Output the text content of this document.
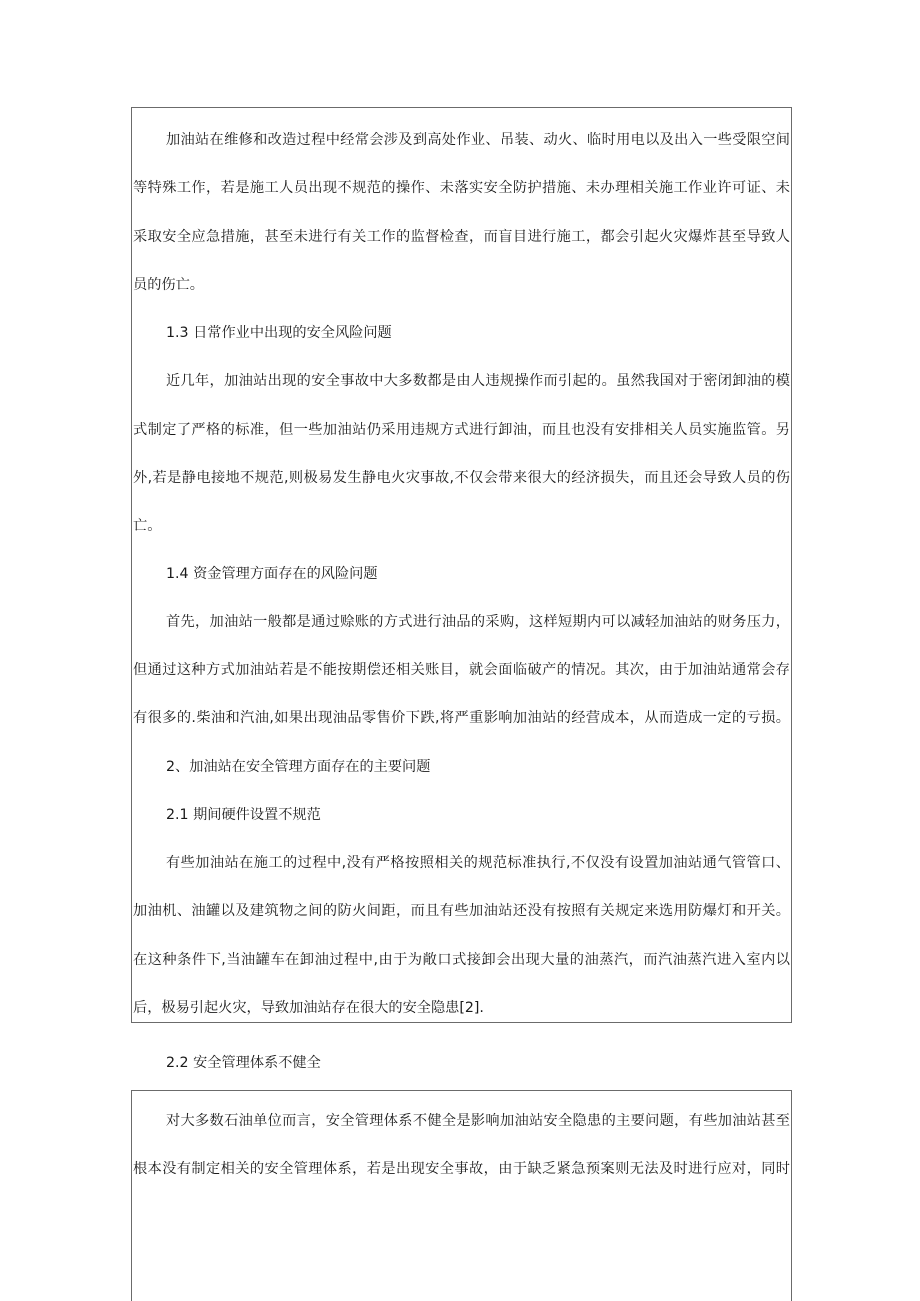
加油站在维修和改造过程中经常会涉及到高处作业、吊装、动火、临时用电以及出入一些受限空间
等特殊工作，若是施工人员出现不规范的操作、未落实安全防护措施、未办理相关施工作业许可证、未
采取安全应急措施，甚至未进行有关工作的监督检查，而盲目进行施工，都会引起火灾爆炸甚至导致人
员的伤亡。
1.3 日常作业中出现的安全风险问题
近几年，加油站出现的安全事故中大多数都是由人违规操作而引起的。虽然我国对于密闭卸油的模
式制定了严格的标准，但一些加油站仍采用违规方式进行卸油，而且也没有安排相关人员实施监管。另
外,若是静电接地不规范,则极易发生静电火灾事故,不仅会带来很大的经济损失，而且还会导致人员的伤
亡。
1.4 资金管理方面存在的风险问题
首先，加油站一般都是通过赊账的方式进行油品的采购，这样短期内可以减轻加油站的财务压力，
但通过这种方式加油站若是不能按期偿还相关账目，就会面临破产的情况。其次，由于加油站通常会存
有很多的.柴油和汽油,如果出现油品零售价下跌,将严重影响加油站的经营成本，从而造成一定的亏损。
2、加油站在安全管理方面存在的主要问题
2.1 期间硬件设置不规范
有些加油站在施工的过程中,没有严格按照相关的规范标准执行,不仅没有设置加油站通气管管口、
加油机、油罐以及建筑物之间的防火间距，而且有些加油站还没有按照有关规定来选用防爆灯和开关。
在这种条件下,当油罐车在卸油过程中,由于为敞口式接卸会出现大量的油蒸汽，而汽油蒸汽进入室内以
后，极易引起火灾，导致加油站存在很大的安全隐患[2].
2.2 安全管理体系不健全
对大多数石油单位而言，安全管理体系不健全是影响加油站安全隐患的主要问题，有些加油站甚至
根本没有制定相关的安全管理体系，若是出现安全事故，由于缺乏紧急预案则无法及时进行应对，同时
